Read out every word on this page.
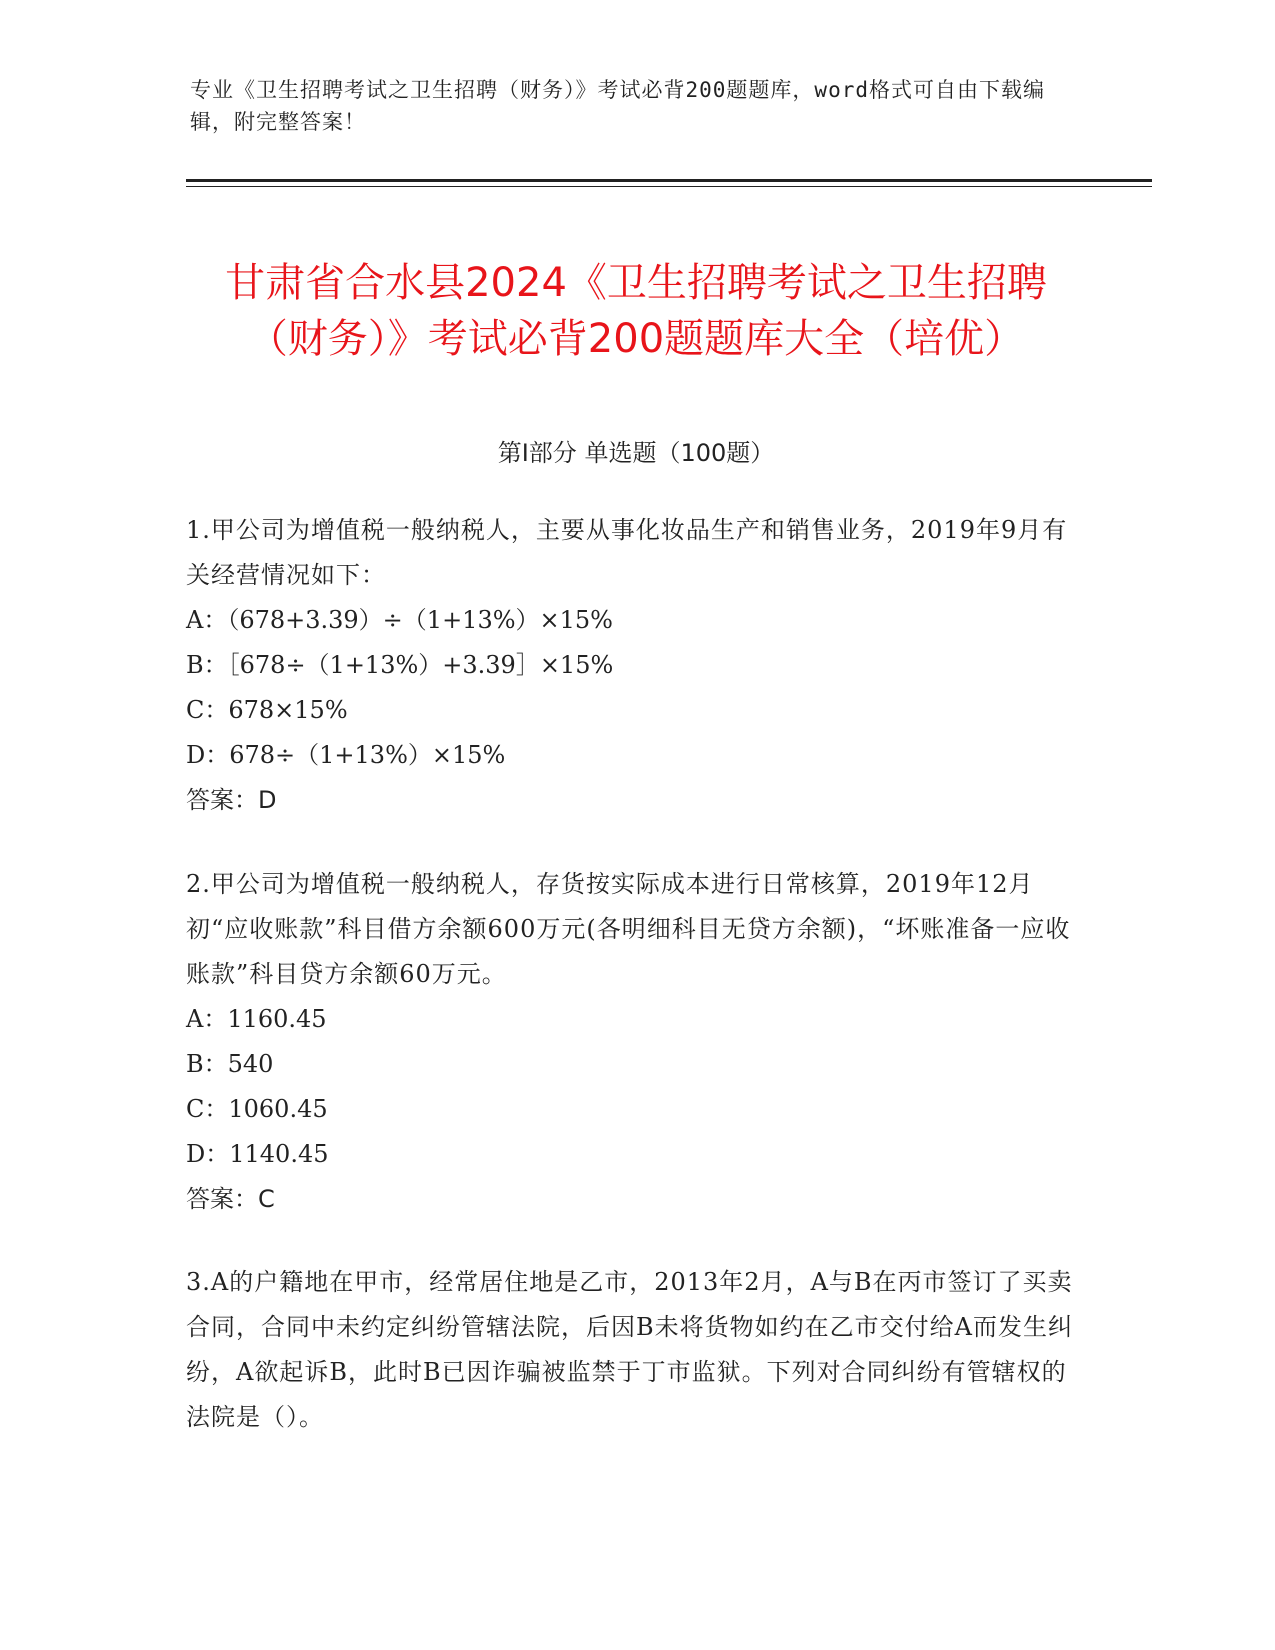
专业《卫生招聘考试之卫生招聘（财务）》考试必背200题题库，word格式可自由下载编辑，附完整答案！
甘肃省合水县2024《卫生招聘考试之卫生招聘（财务）》考试必背200题题库大全（培优）
第Ⅰ部分 单选题（100题）
1.甲公司为增值税一般纳税人，主要从事化妆品生产和销售业务，2019年9月有关经营情况如下：
A：（678+3.39）÷（1+13%）×15%
B：［678÷（1+13%）+3.39］×15%
C：678×15%
D：678÷（1+13%）×15%
答案：D
2.甲公司为增值税一般纳税人，存货按实际成本进行日常核算，2019年12月初“应收账款”科目借方余额600万元(各明细科目无贷方余额)，“坏账准备一应收账款”科目贷方余额60万元。
A：1160.45
B：540
C：1060.45
D：1140.45
答案：C
3.A的户籍地在甲市，经常居住地是乙市，2013年2月，A与B在丙市签订了买卖合同，合同中未约定纠纷管辖法院，后因B未将货物如约在乙市交付给A而发生纠纷，A欲起诉B，此时B已因诈骗被监禁于丁市监狱。下列对合同纠纷有管辖权的法院是（）。
